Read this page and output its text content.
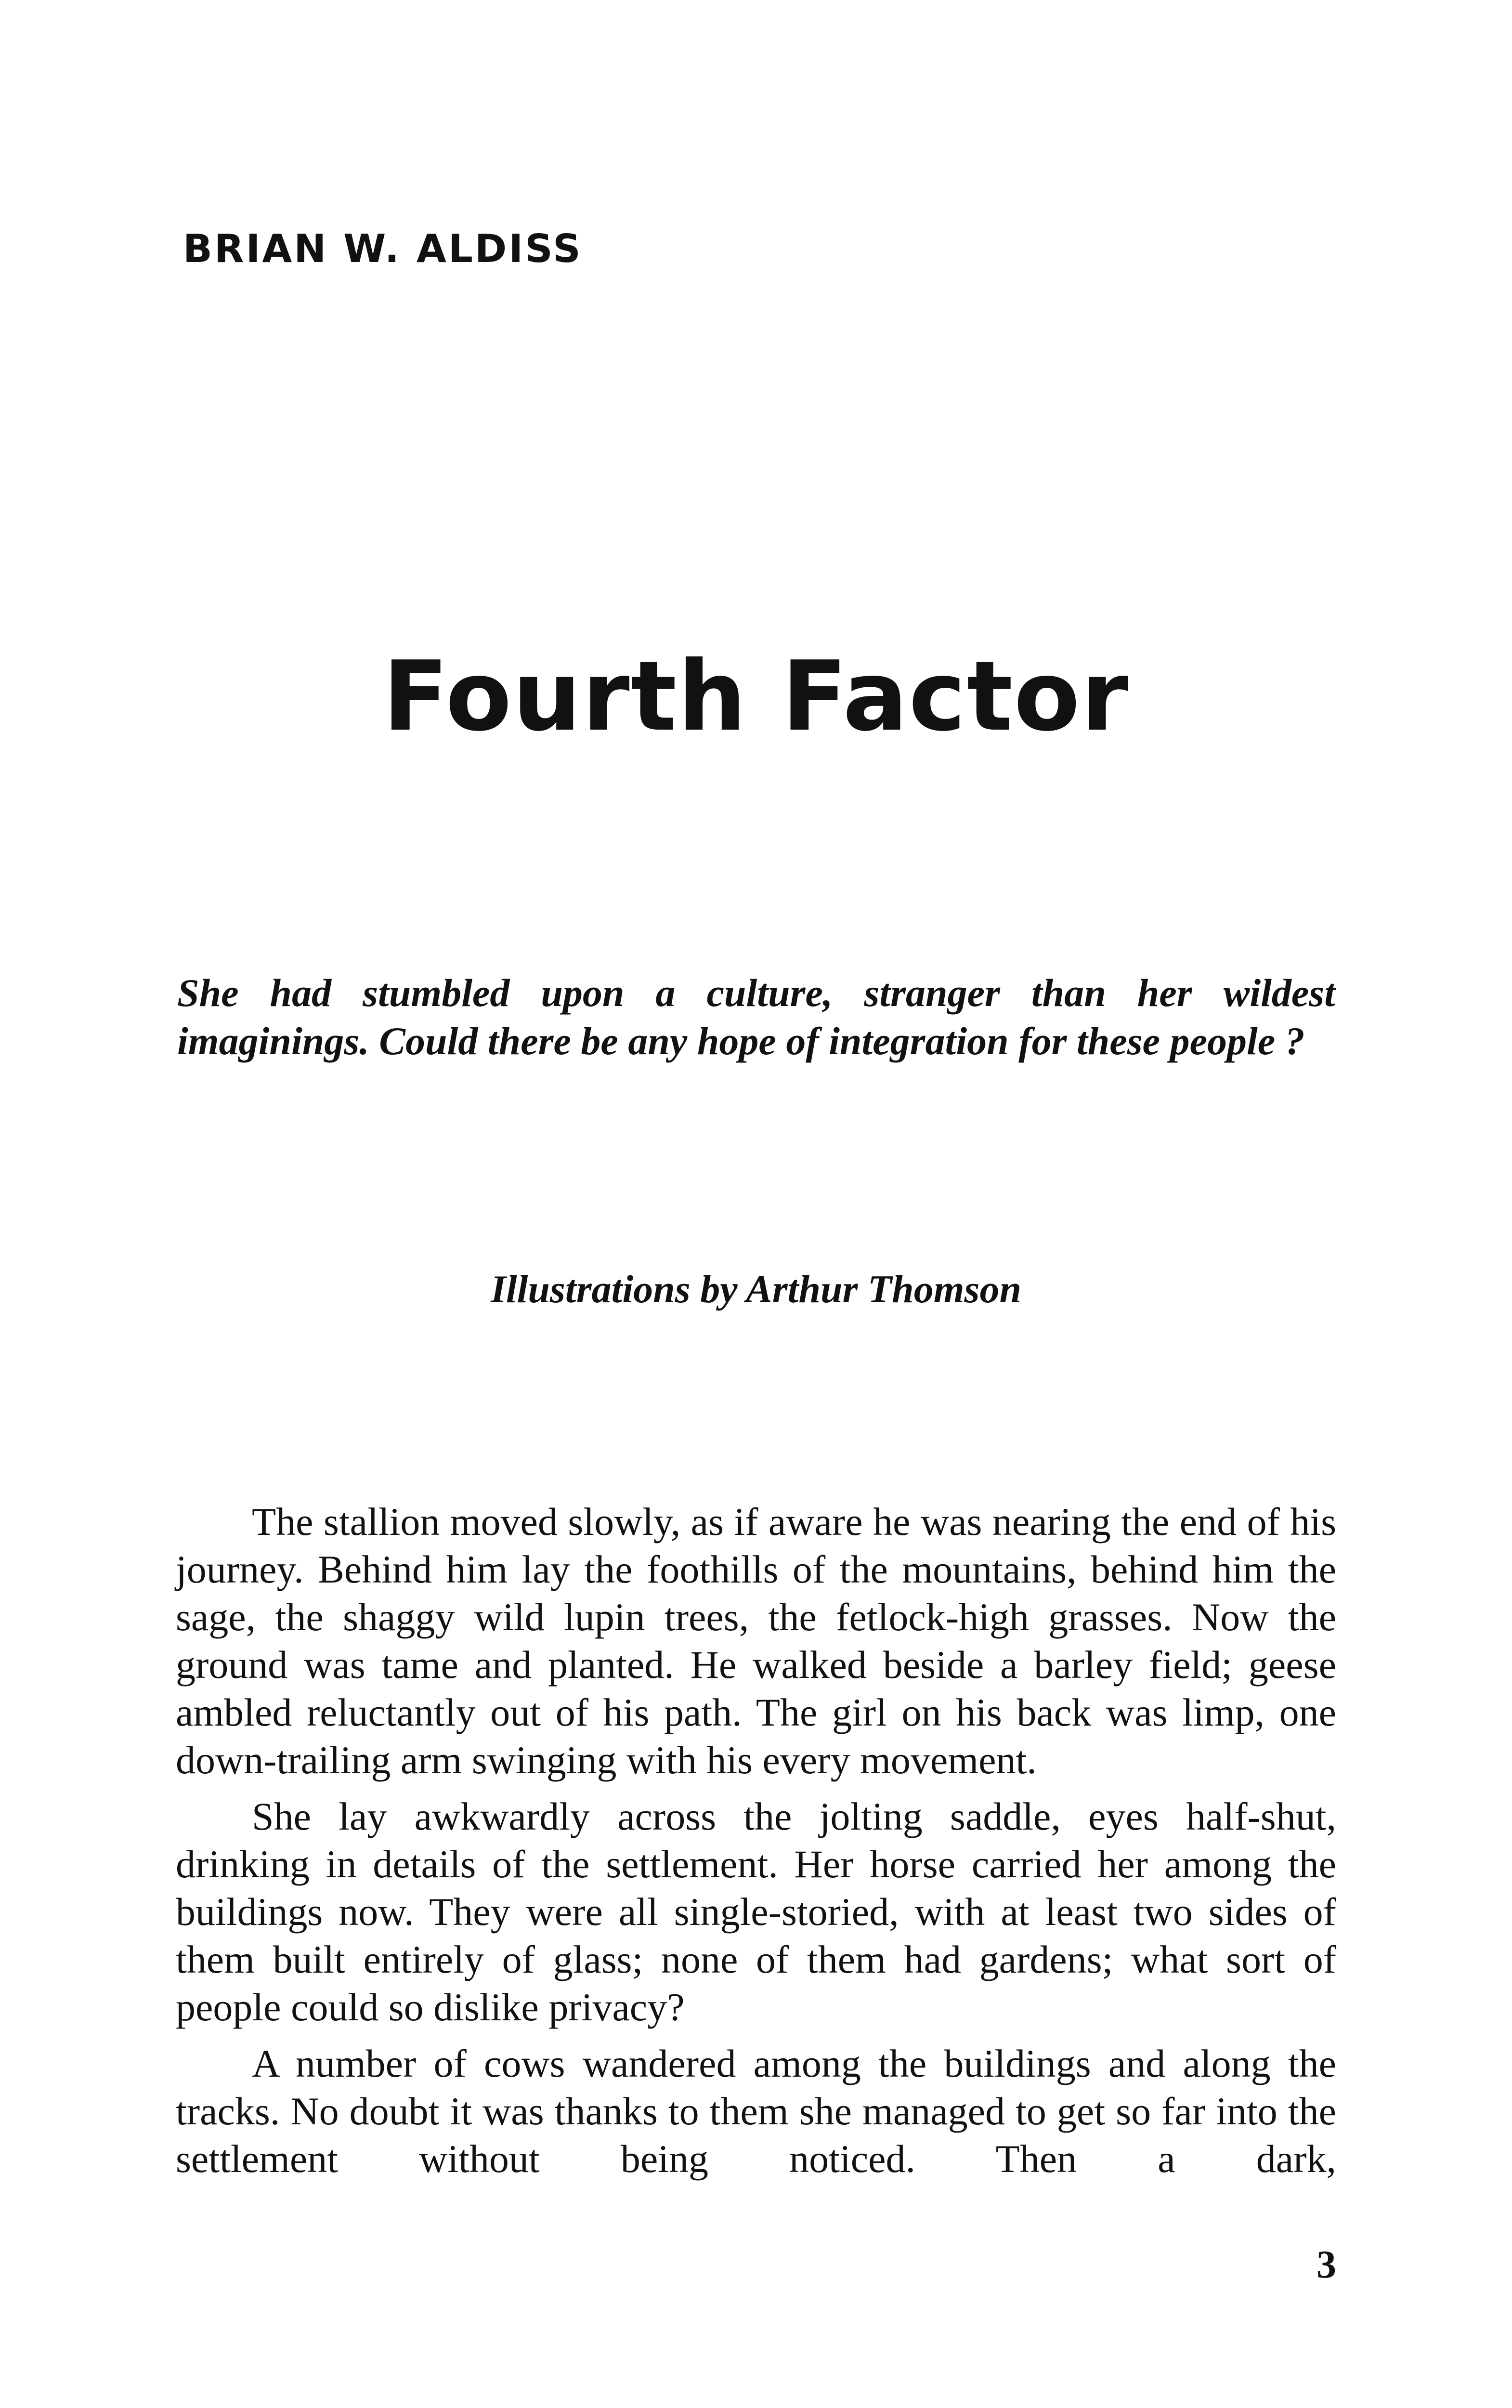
BRIAN W. ALDISS
Fourth Factor
She had stumbled upon a culture, stranger than her wildest imaginings. Could there be any hope of integration for these people ?
Illustrations by Arthur Thomson

The stallion moved slowly, as if aware he was nearing the end of his journey. Behind him lay the foothills of the mountains, behind him the sage, the shaggy wild lupin trees, the fetlock-high grasses. Now the ground was tame and planted. He walked beside a barley field; geese ambled reluctantly out of his path. The girl on his back was limp, one down-trailing arm swinging with his every movement.

She lay awkwardly across the jolting saddle, eyes half-shut, drinking in details of the settlement. Her horse carried her among the buildings now. They were all single-storied, with at least two sides of them built entirely of glass; none of them had gardens; what sort of people could so dislike privacy?

A number of cows wandered among the buildings and along the tracks. No doubt it was thanks to them she managed to get so far into the settlement without being noticed. Then a dark,

3
